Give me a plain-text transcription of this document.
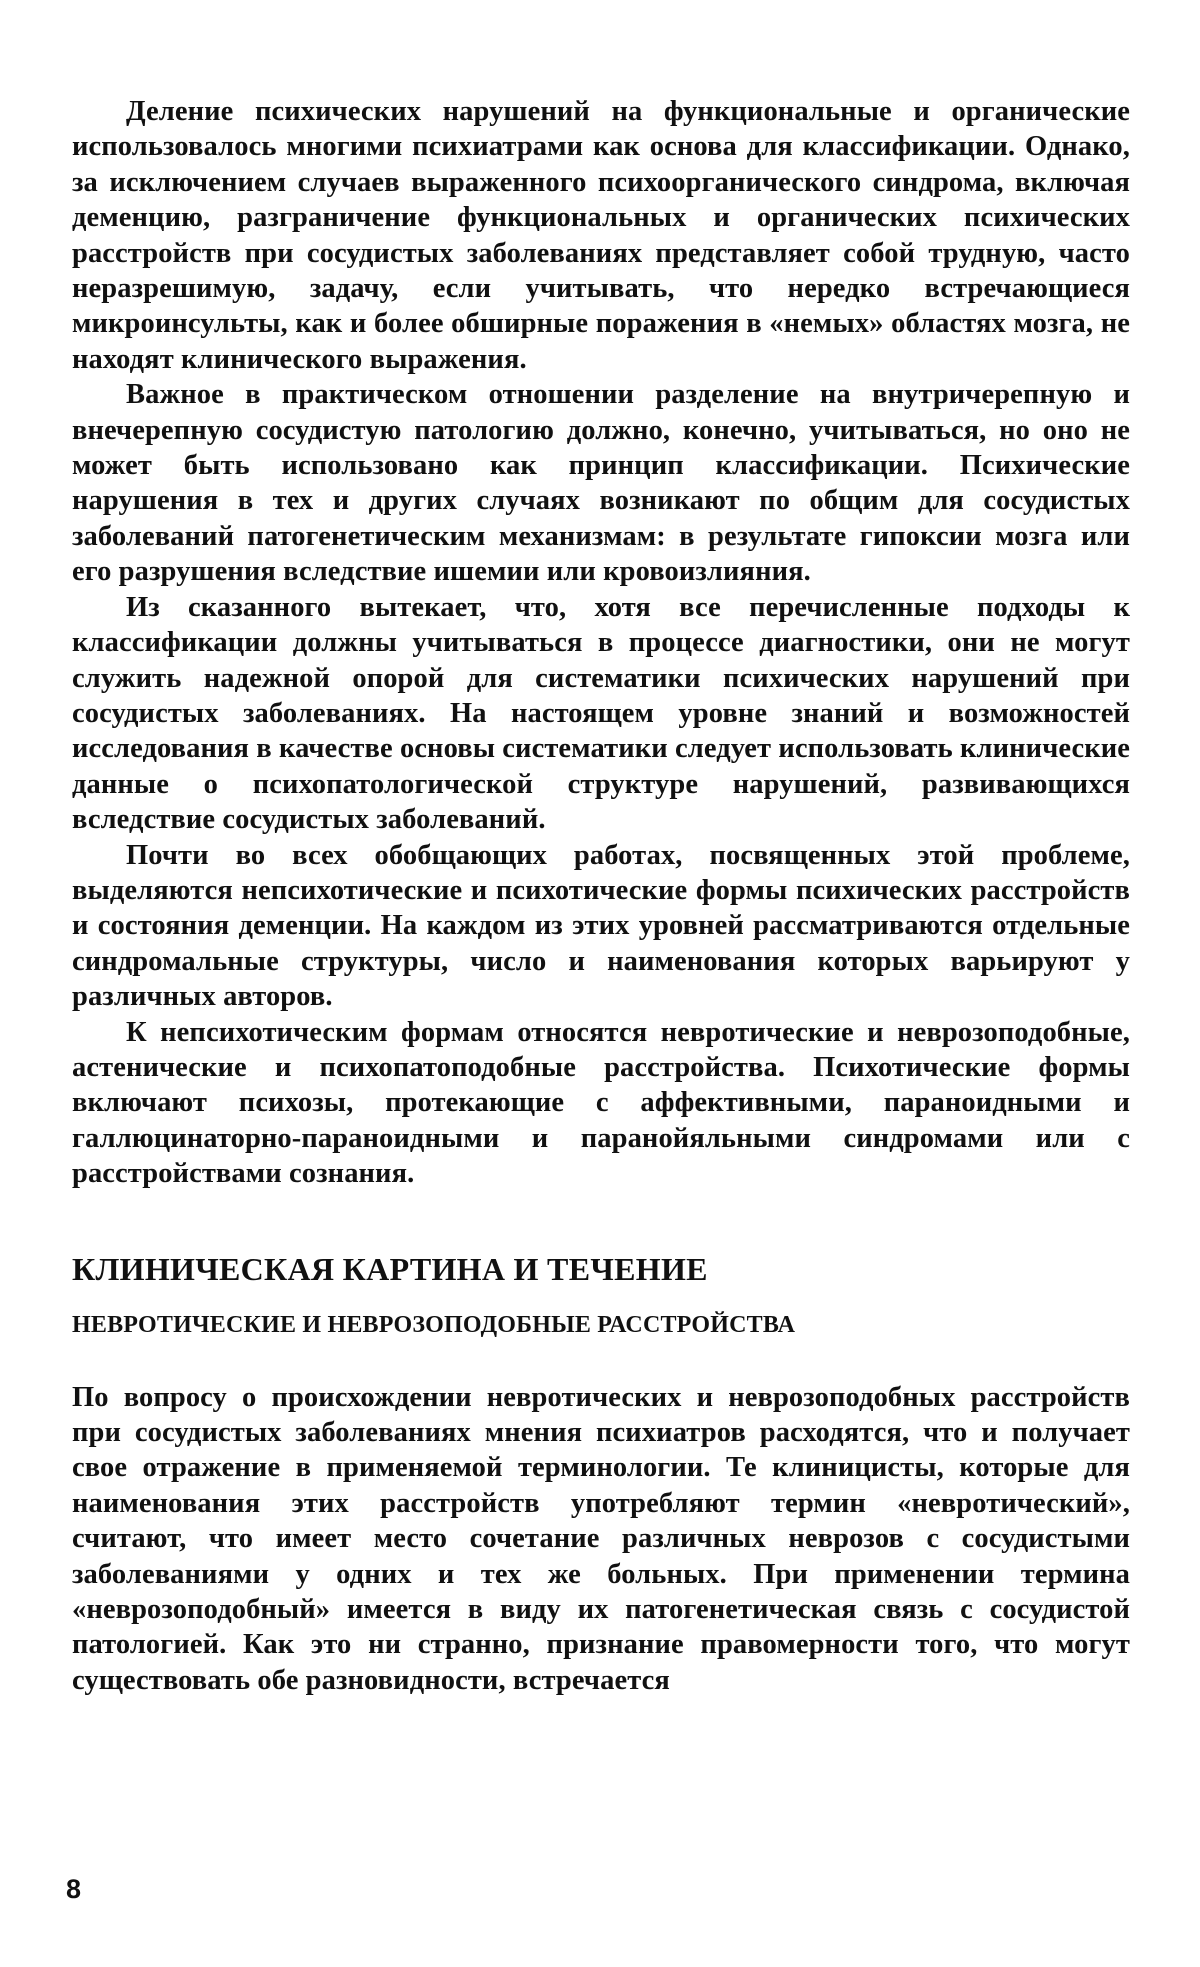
Деление психических нарушений на функциональные и органические использовалось многими психиатрами как основа для классификации. Однако, за исключением случаев выраженного психоорганического синдрома, включая деменцию, разграничение функциональных и органических психических расстройств при сосудистых заболеваниях представляет собой трудную, часто неразрешимую, задачу, если учитывать, что нередко встречающиеся микроинсульты, как и более обширные поражения в «немых» областях мозга, не находят клинического выражения.

Важное в практическом отношении разделение на внутричерепную и внечерепную сосудистую патологию должно, конечно, учитываться, но оно не может быть использовано как принцип классификации. Психические нарушения в тех и других случаях возникают по общим для сосудистых заболеваний патогенетическим механизмам: в результате гипоксии мозга или его разрушения вследствие ишемии или кровоизлияния.

Из сказанного вытекает, что, хотя все перечисленные подходы к классификации должны учитываться в процессе диагностики, они не могут служить надежной опорой для систематики психических нарушений при сосудистых заболеваниях. На настоящем уровне знаний и возможностей исследования в качестве основы систематики следует использовать клинические данные о психопатологической структуре нарушений, развивающихся вследствие сосудистых заболеваний.

Почти во всех обобщающих работах, посвященных этой проблеме, выделяются непсихотические и психотические формы психических расстройств и состояния деменции. На каждом из этих уровней рассматриваются отдельные синдромальные структуры, число и наименования которых варьируют у различных авторов.

К непсихотическим формам относятся невротические и неврозоподобные, астенические и психопатоподобные расстройства. Психотические формы включают психозы, протекающие с аффективными, параноидными и галлюцинаторно-параноидными и паранойяльными синдромами или с расстройствами сознания.

КЛИНИЧЕСКАЯ КАРТИНА И ТЕЧЕНИЕ
НЕВРОТИЧЕСКИЕ И НЕВРОЗОПОДОБНЫЕ РАССТРОЙСТВА

По вопросу о происхождении невротических и неврозоподобных расстройств при сосудистых заболеваниях мнения психиатров расходятся, что и получает свое отражение в применяемой терминологии. Те клиницисты, которые для наименования этих расстройств употребляют термин «невротический», считают, что имеет место сочетание различных неврозов с сосудистыми заболеваниями у одних и тех же больных. При применении термина «неврозоподобный» имеется в виду их патогенетическая связь с сосудистой патологией. Как это ни странно, признание правомерности того, что могут существовать обе разновидности, встречается

8
